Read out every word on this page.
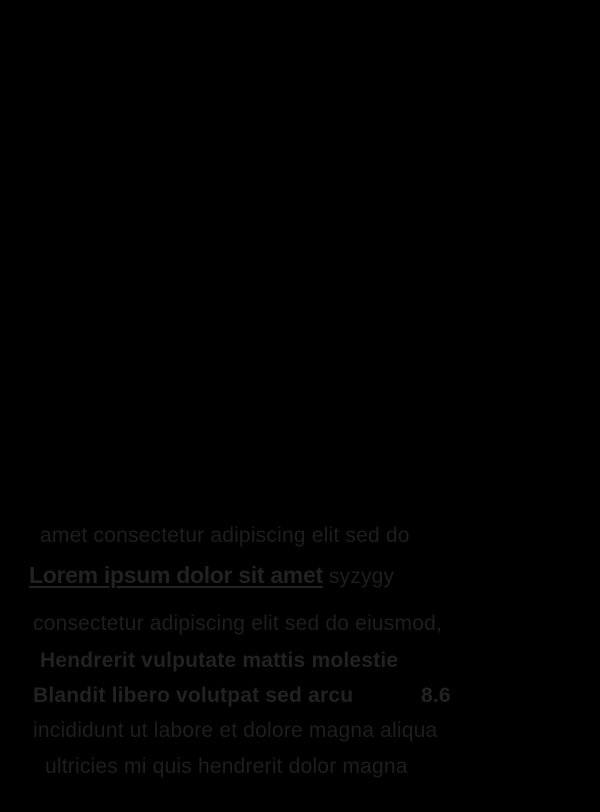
amet consectetur adipiscing elit sed do
Lorem ipsum dolor sit amet syzygy
consectetur adipiscing elit sed do eiusmod,
Hendrerit vulputate mattis molestie
Blandit libero volutpat sed arcu	8.6
incididunt ut labore et dolore magna aliqua
ultricies mi quis hendrerit dolor magna
